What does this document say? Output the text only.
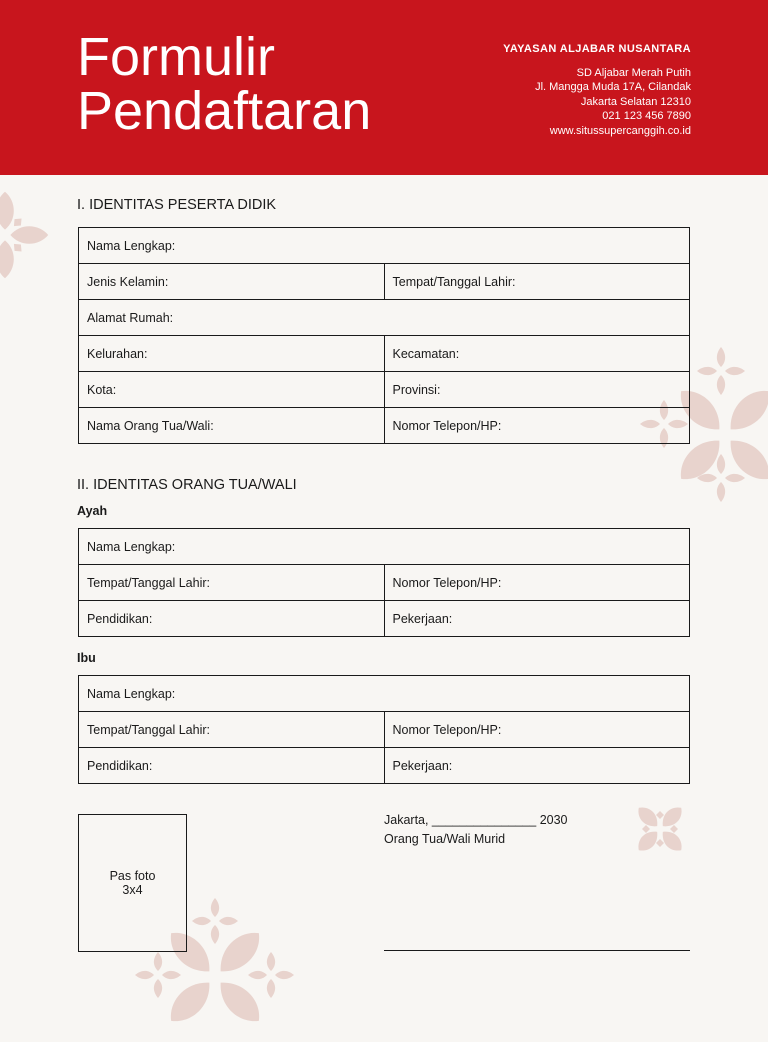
Formulir
Pendaftaran
YAYASAN ALJABAR NUSANTARA
SD Aljabar Merah Putih
Jl. Mangga Muda 17A, Cilandak
Jakarta Selatan 12310
021 123 456 7890
www.situssupercanggih.co.id
I. IDENTITAS PESERTA DIDIK
Nama Lengkap:	
Jenis Kelamin:	Tempat/Tanggal Lahir:
Alamat Rumah:	
Kelurahan:	Kecamatan:
Kota:	Provinsi:
Nama Orang Tua/Wali:	Nomor Telepon/HP:
II. IDENTITAS ORANG TUA/WALI
Ayah
Nama Lengkap:	
Tempat/Tanggal Lahir:	Nomor Telepon/HP:
Pendidikan:	Pekerjaan:
Ibu
Nama Lengkap:	
Tempat/Tanggal Lahir:	Nomor Telepon/HP:
Pendidikan:	Pekerjaan:
Pas foto
3x4
Jakarta, _______________ 2030
Orang Tua/Wali Murid
